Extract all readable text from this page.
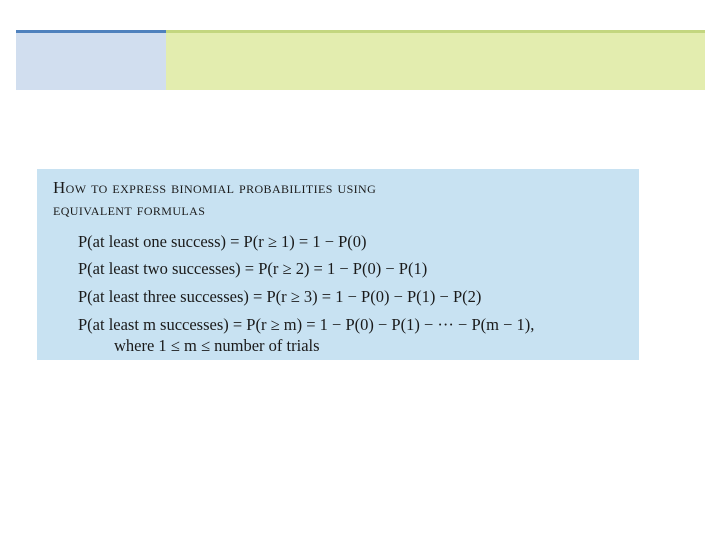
How to express binomial probabilities using
equivalent formulas
P(at least one success) = P(r ≥ 1) = 1 − P(0)
P(at least two successes) = P(r ≥ 2) = 1 − P(0) − P(1)
P(at least three successes) = P(r ≥ 3) = 1 − P(0) − P(1) − P(2)
P(at least m successes) = P(r ≥ m) = 1 − P(0) − P(1) − ··· − P(m − 1),
where 1 ≤ m ≤ number of trials
